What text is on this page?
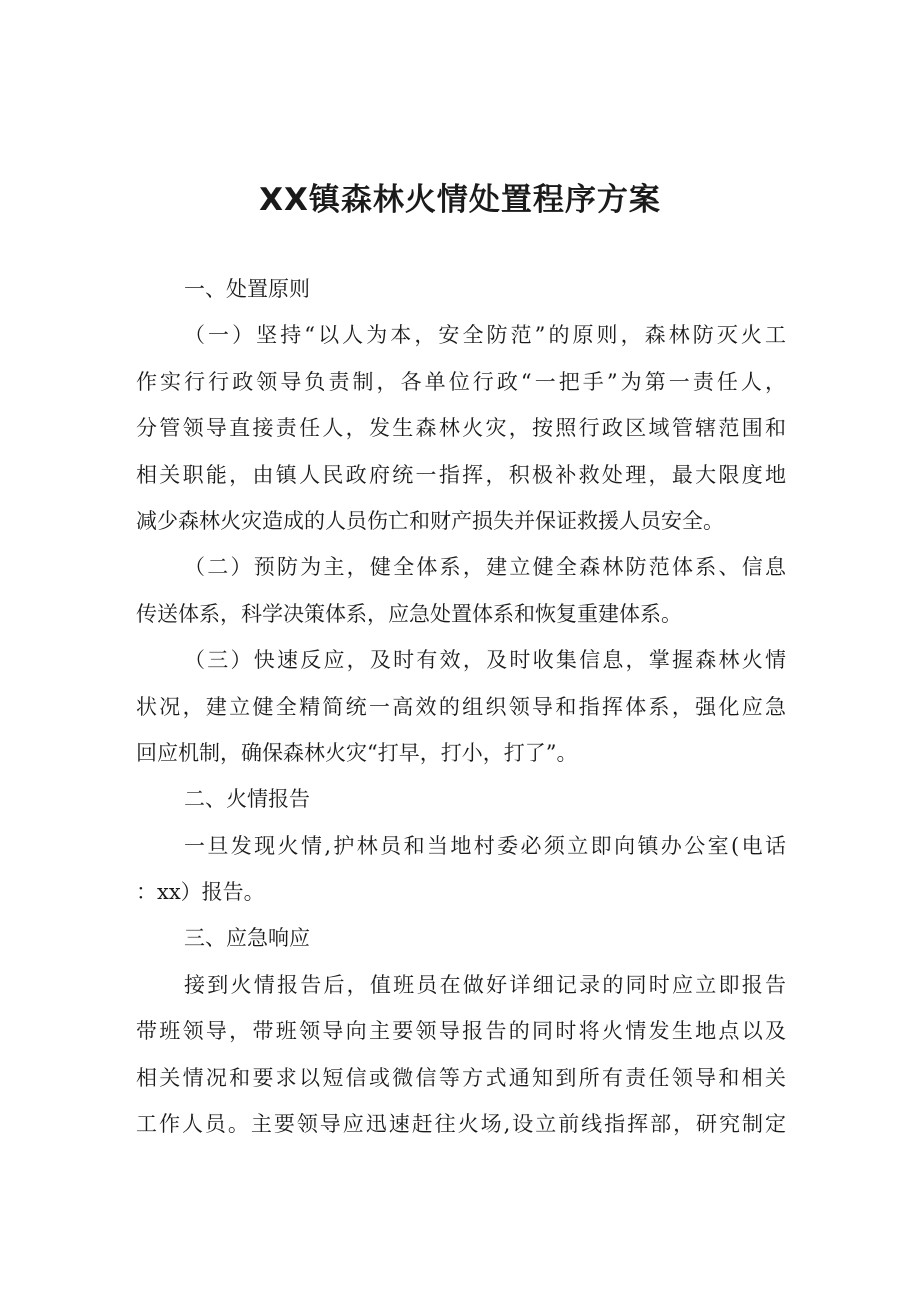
XX镇森林火情处置程序方案
一、处置原则
（一）坚持“以人为本，安全防范”的原则，森林防灭火工
作实行行政领导负责制，各单位行政“一把手”为第一责任人，
分管领导直接责任人，发生森林火灾，按照行政区域管辖范围和
相关职能，由镇人民政府统一指挥，积极补救处理，最大限度地
减少森林火灾造成的人员伤亡和财产损失并保证救援人员安全。
（二）预防为主，健全体系，建立健全森林防范体系、信息
传送体系，科学决策体系，应急处置体系和恢复重建体系。
（三）快速反应，及时有效，及时收集信息，掌握森林火情
状况，建立健全精简统一高效的组织领导和指挥体系，强化应急
回应机制，确保森林火灾“打早，打小，打了”。
二、火情报告
一旦发现火情,护林员和当地村委必须立即向镇办公室(电话
：xx）报告。
三、应急响应
接到火情报告后，值班员在做好详细记录的同时应立即报告
带班领导，带班领导向主要领导报告的同时将火情发生地点以及
相关情况和要求以短信或微信等方式通知到所有责任领导和相关
工作人员。主要领导应迅速赶往火场,设立前线指挥部，研究制定
